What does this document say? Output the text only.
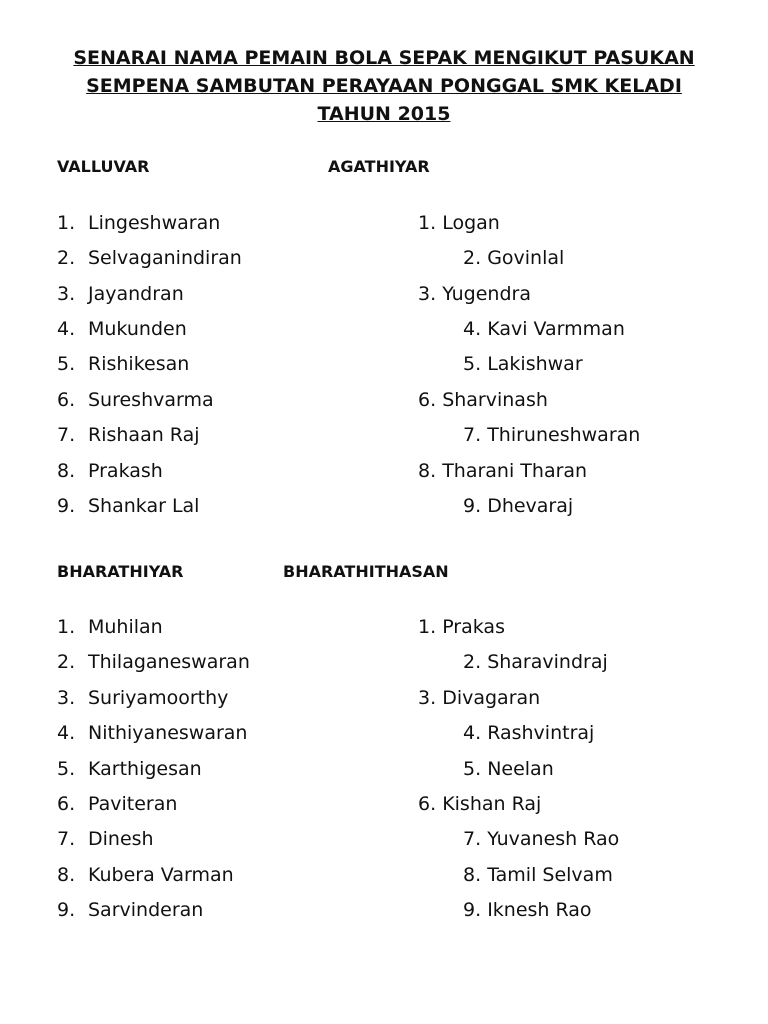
SENARAI NAMA PEMAIN BOLA SEPAK MENGIKUT PASUKAN
SEMPENA SAMBUTAN PERAYAAN PONGGAL SMK KELADI
TAHUN 2015
VALLUVAR	AGATHIYAR
1. Lingeshwaran
2. Selvaganindiran
3. Jayandran
4. Mukunden
5. Rishikesan
6. Sureshvarma
7. Rishaan Raj
8. Prakash
9. Shankar Lal
1. Logan
2. Govinlal
3. Yugendra
4. Kavi Varmman
5. Lakishwar
6. Sharvinash
7. Thiruneshwaran
8. Tharani Tharan
9. Dhevaraj
BHARATHIYAR	BHARATHITHASAN
1. Muhilan
2. Thilaganeswaran
3. Suriyamoorthy
4. Nithiyaneswaran
5. Karthigesan
6. Paviteran
7. Dinesh
8. Kubera Varman
9. Sarvinderan
1. Prakas
2. Sharavindraj
3. Divagaran
4. Rashvintraj
5. Neelan
6. Kishan Raj
7. Yuvanesh Rao
8. Tamil Selvam
9. Iknesh Rao
